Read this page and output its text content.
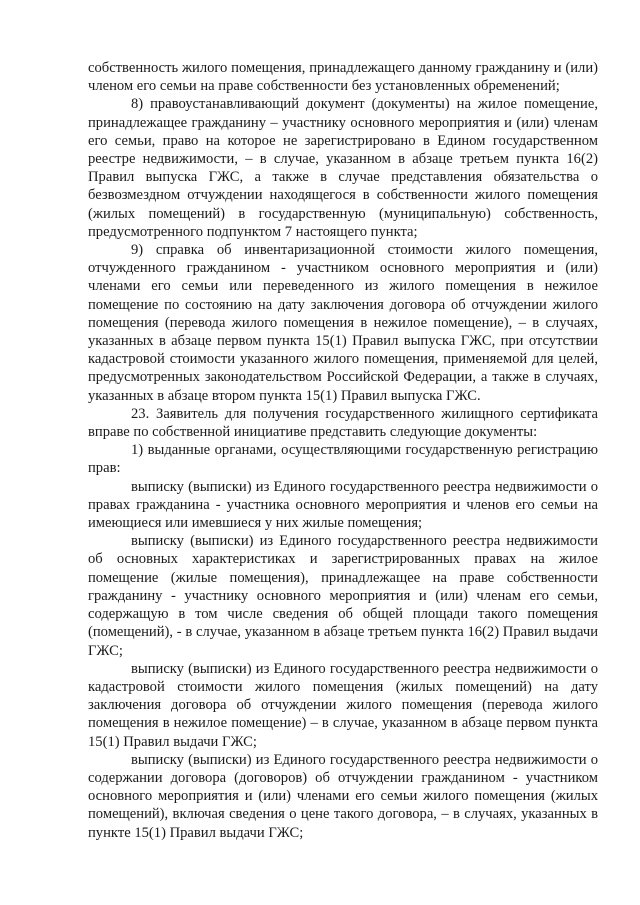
собственность жилого помещения, принадлежащего данному гражданину и (или) членом его семьи на праве собственности без установленных обременений;

8) правоустанавливающий документ (документы) на жилое помещение, принадлежащее гражданину – участнику основного мероприятия и (или) членам его семьи, право на которое не зарегистрировано в Едином государственном реестре недвижимости, – в случае, указанном в абзаце третьем пункта 16(2) Правил выпуска ГЖС, а также в случае представления обязательства о безвозмездном отчуждении находящегося в собственности жилого помещения (жилых помещений) в государственную (муниципальную) собственность, предусмотренного подпунктом 7 настоящего пункта;

9) справка об инвентаризационной стоимости жилого помещения, отчужденного гражданином - участником основного мероприятия и (или) членами его семьи или переведенного из жилого помещения в нежилое помещение по состоянию на дату заключения договора об отчуждении жилого помещения (перевода жилого помещения в нежилое помещение), – в случаях, указанных в абзаце первом пункта 15(1) Правил выпуска ГЖС, при отсутствии кадастровой стоимости указанного жилого помещения, применяемой для целей, предусмотренных законодательством Российской Федерации, а также в случаях, указанных в абзаце втором пункта 15(1) Правил выпуска ГЖС.

23. Заявитель для получения государственного жилищного сертификата вправе по собственной инициативе представить следующие документы:

1) выданные органами, осуществляющими государственную регистрацию прав:

выписку (выписки) из Единого государственного реестра недвижимости о правах гражданина - участника основного мероприятия и членов его семьи на имеющиеся или имевшиеся у них жилые помещения;

выписку (выписки) из Единого государственного реестра недвижимости об основных характеристиках и зарегистрированных правах на жилое помещение (жилые помещения), принадлежащее на праве собственности гражданину - участнику основного мероприятия и (или) членам его семьи, содержащую в том числе сведения об общей площади такого помещения (помещений), - в случае, указанном в абзаце третьем пункта 16(2) Правил выдачи ГЖС;

выписку (выписки) из Единого государственного реестра недвижимости о кадастровой стоимости жилого помещения (жилых помещений) на дату заключения договора об отчуждении жилого помещения (перевода жилого помещения в нежилое помещение) – в случае, указанном в абзаце первом пункта 15(1) Правил выдачи ГЖС;

выписку (выписки) из Единого государственного реестра недвижимости о содержании договора (договоров) об отчуждении гражданином - участником основного мероприятия и (или) членами его семьи жилого помещения (жилых помещений), включая сведения о цене такого договора, – в случаях, указанных в пункте 15(1) Правил выдачи ГЖС;
